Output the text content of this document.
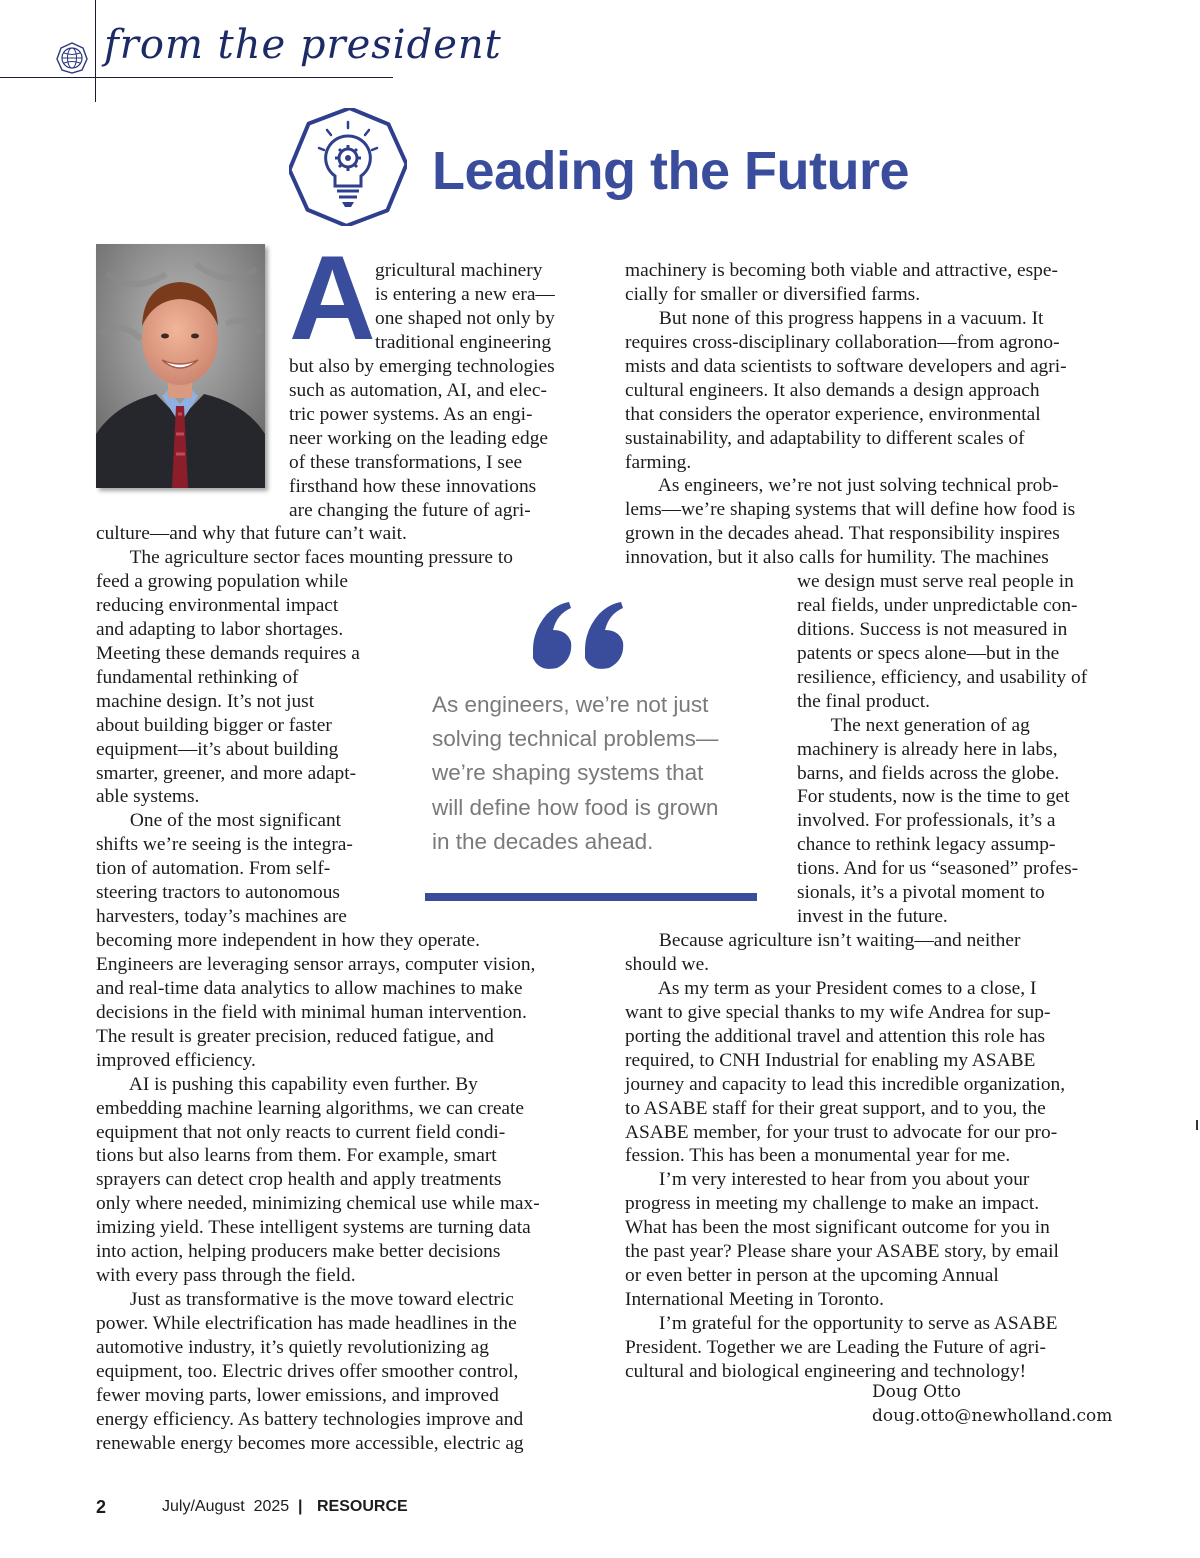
from the president
Leading the Future
A gricultural machinery
is entering a new era—
one shaped not only by
traditional engineering
but also by emerging technologies
such as automation, AI, and elec-
tric power systems. As an engi-
neer working on the leading edge
of these transformations, I see
firsthand how these innovations
are changing the future of agri-
culture—and why that future can’t wait.
The agriculture sector faces mounting pressure to
feed a growing population while
reducing environmental impact
and adapting to labor shortages.
Meeting these demands requires a
fundamental rethinking of
machine design. It’s not just
about building bigger or faster
equipment—it’s about building
smarter, greener, and more adapt-
able systems.
One of the most significant
shifts we’re seeing is the integra-
tion of automation. From self-
steering tractors to autonomous
harvesters, today’s machines are
becoming more independent in how they operate.
Engineers are leveraging sensor arrays, computer vision,
and real-time data analytics to allow machines to make
decisions in the field with minimal human intervention.
The result is greater precision, reduced fatigue, and
improved efficiency.
AI is pushing this capability even further. By
embedding machine learning algorithms, we can create
equipment that not only reacts to current field condi-
tions but also learns from them. For example, smart
sprayers can detect crop health and apply treatments
only where needed, minimizing chemical use while max-
imizing yield. These intelligent systems are turning data
into action, helping producers make better decisions
with every pass through the field.
Just as transformative is the move toward electric
power. While electrification has made headlines in the
automotive industry, it’s quietly revolutionizing ag
equipment, too. Electric drives offer smoother control,
fewer moving parts, lower emissions, and improved
energy efficiency. As battery technologies improve and
renewable energy becomes more accessible, electric ag
As engineers, we’re not just
solving technical problems—
we’re shaping systems that
will define how food is grown
in the decades ahead.
machinery is becoming both viable and attractive, espe-
cially for smaller or diversified farms.
But none of this progress happens in a vacuum. It
requires cross-disciplinary collaboration—from agrono-
mists and data scientists to software developers and agri-
cultural engineers. It also demands a design approach
that considers the operator experience, environmental
sustainability, and adaptability to different scales of
farming.
As engineers, we’re not just solving technical prob-
lems—we’re shaping systems that will define how food is
grown in the decades ahead. That responsibility inspires
innovation, but it also calls for humility. The machines
we design must serve real people in
real fields, under unpredictable con-
ditions. Success is not measured in
patents or specs alone—but in the
resilience, efficiency, and usability of
the final product.
The next generation of ag
machinery is already here in labs,
barns, and fields across the globe.
For students, now is the time to get
involved. For professionals, it’s a
chance to rethink legacy assump-
tions. And for us “seasoned” profes-
sionals, it’s a pivotal moment to
invest in the future.
Because agriculture isn’t waiting—and neither
should we.
As my term as your President comes to a close, I
want to give special thanks to my wife Andrea for sup-
porting the additional travel and attention this role has
required, to CNH Industrial for enabling my ASABE
journey and capacity to lead this incredible organization,
to ASABE staff for their great support, and to you, the
ASABE member, for your trust to advocate for our pro-
fession. This has been a monumental year for me.
I’m very interested to hear from you about your
progress in meeting my challenge to make an impact.
What has been the most significant outcome for you in
the past year? Please share your ASABE story, by email
or even better in person at the upcoming Annual
International Meeting in Toronto.
I’m grateful for the opportunity to serve as ASABE
President. Together we are Leading the Future of agri-
cultural and biological engineering and technology!
Doug Otto
doug.otto@newholland.com
2	July/August  2025 | RESOURCE
